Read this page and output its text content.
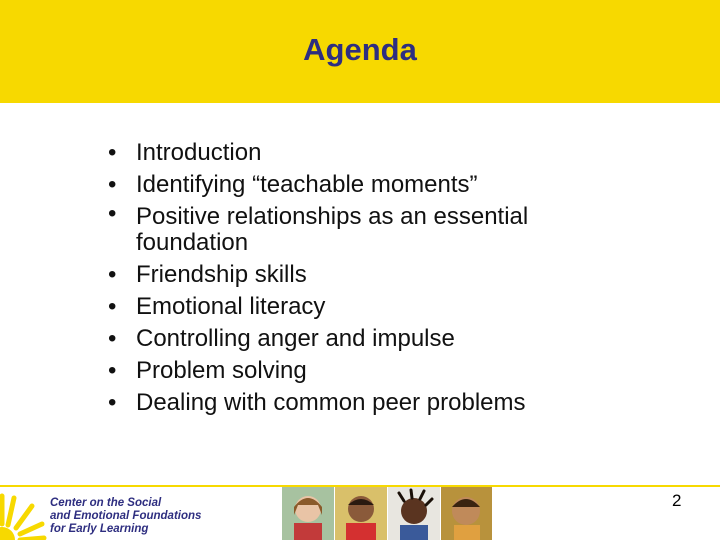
Agenda
• Introduction
• Identifying “teachable moments”
• Positive relationships as an essential foundation
• Friendship skills
• Emotional literacy
• Controlling anger and impulse
• Problem solving
• Dealing with common peer problems
Center on the Social
and Emotional Foundations
for Early Learning
2
